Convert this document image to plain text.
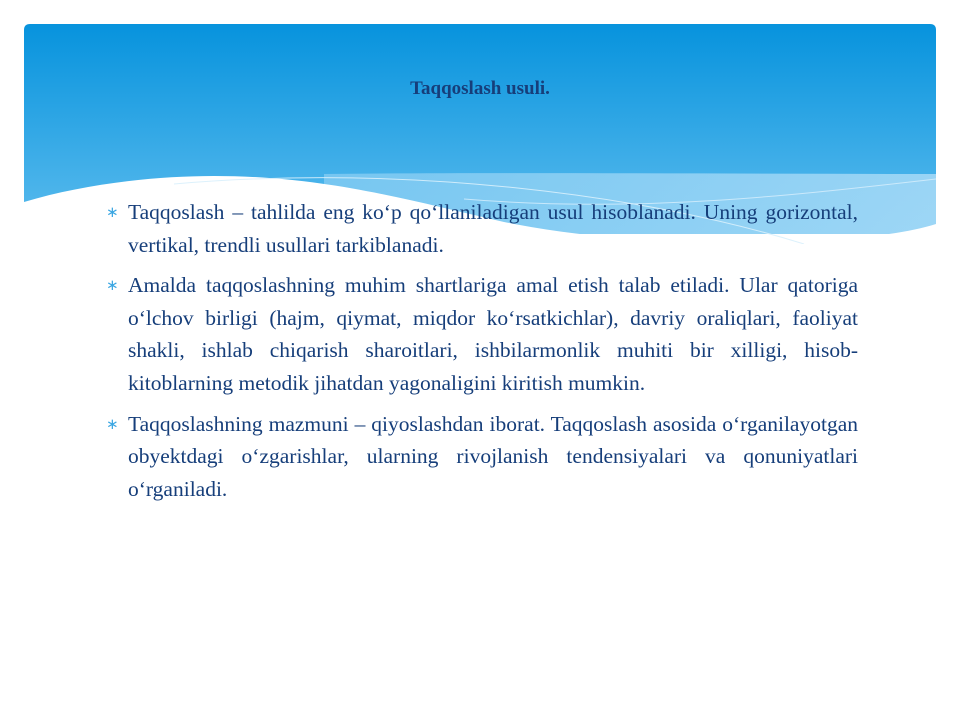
Taqqoslash usuli.
∗ Taqqoslash – tahlilda eng ko‘p qo‘llaniladigan usul hisoblanadi. Uning gorizontal, vertikal, trendli usullari tarkiblanadi.
∗ Amalda taqqoslashning muhim shartlariga amal etish talab etiladi. Ular qatoriga o‘lchov birligi (hajm, qiymat, miqdor ko‘rsatkichlar), davriy oraliqlari, faoliyat shakli, ishlab chiqarish sharoitlari, ishbilarmonlik muhiti bir xilligi, hisob-kitoblarning metodik jihatdan yagonaligini kiritish mumkin.
∗ Taqqoslashning mazmuni – qiyoslashdan iborat. Taqqoslash asosida o‘rganilayotgan obyektdagi o‘zgarishlar, ularning rivojlanish tendensiyalari va qonuniyatlari o‘rganiladi.
